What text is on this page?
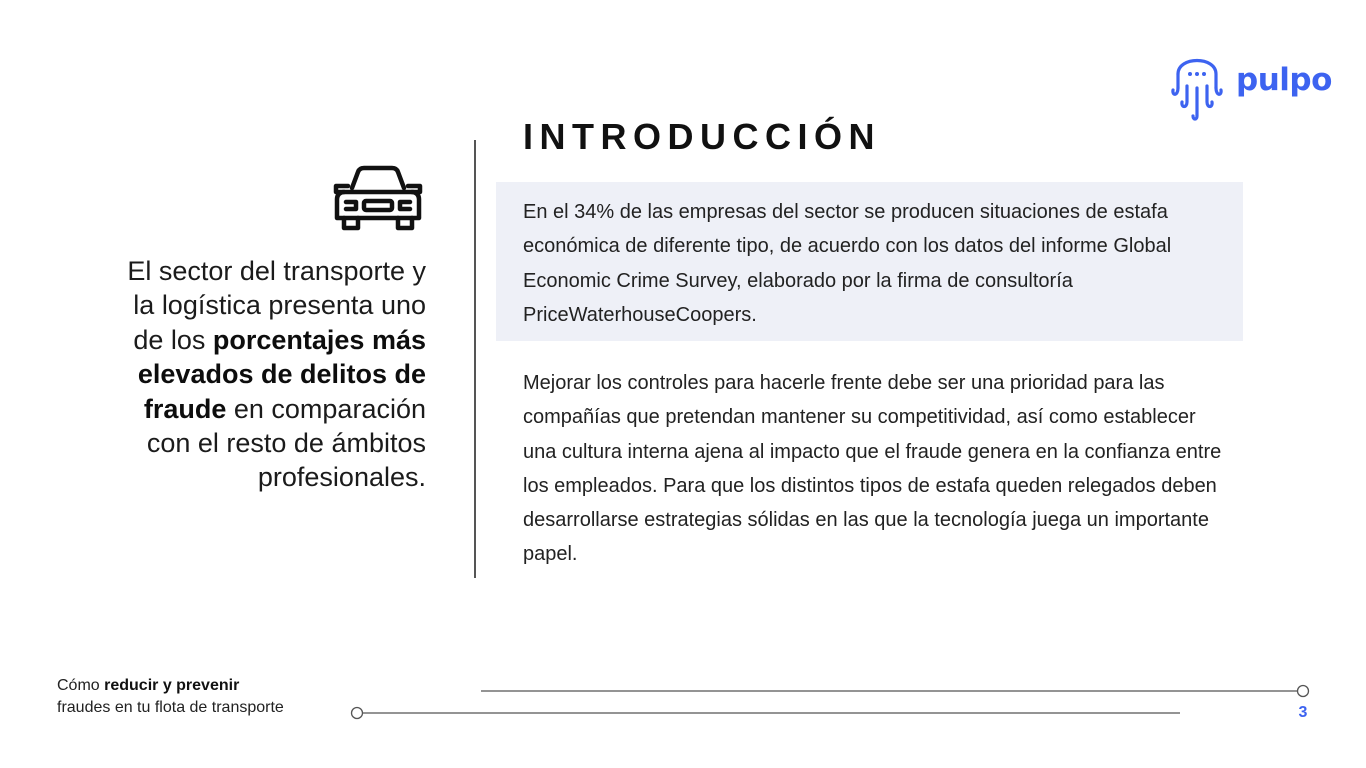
pulpo
El sector del transporte y la logística presenta uno de los porcentajes más elevados de delitos de fraude en comparación con el resto de ámbitos profesionales.
INTRODUCCIÓN
En el 34% de las empresas del sector se producen situaciones de estafa económica de diferente tipo, de acuerdo con los datos del informe Global Economic Crime Survey, elaborado por la firma de consultoría PriceWaterhouseCoopers.
Mejorar los controles para hacerle frente debe ser una prioridad para las compañías que pretendan mantener su competitividad, así como establecer una cultura interna ajena al impacto que el fraude genera en la confianza entre los empleados. Para que los distintos tipos de estafa queden relegados deben desarrollarse estrategias sólidas en las que la tecnología juega un importante papel.
Cómo reducir y prevenir
fraudes en tu flota de transporte	3
